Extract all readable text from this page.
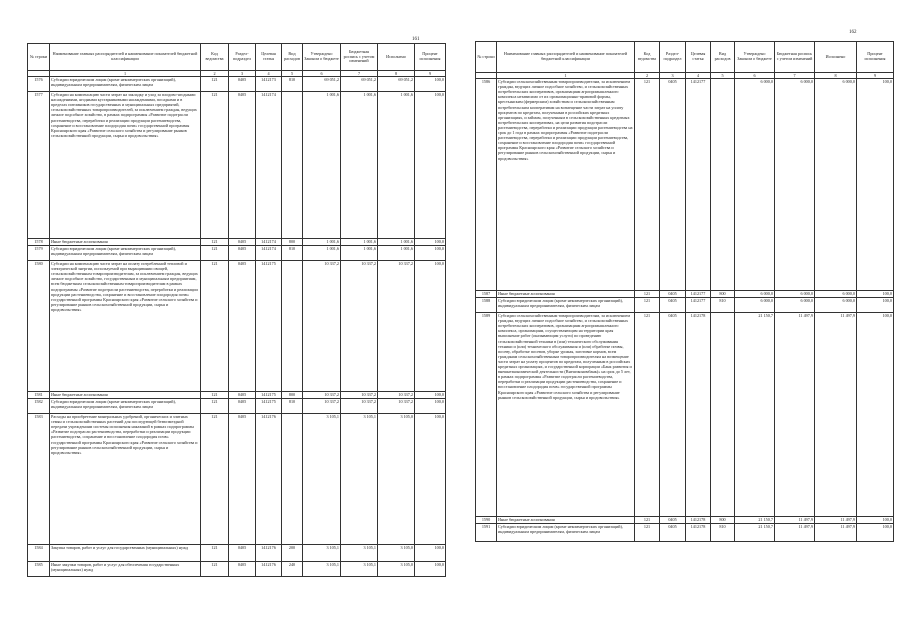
161
№ строки	Наименование главных распорядителей и наименование показателей бюджетной классификации	Код ведомства	Раздел-подраздел	Целевая статья	Вид расходов	Утверждено Законом о бюджете	Бюджетная роспись с учетом изменений	Исполнено	Процент исполнения
	1	2	3	4	5	6	7	8	9
1576	Субсидии юридическим лицам (кроме некоммерческих организаций), индивидуальным предпринимателям, физическим лицам	121	0405	1412173	810	69 051,2	69 051,2	69 051,2	100,0
1577	Субсидии на компенсацию части затрат на закладку и уход за плодово-ягодными насаждениями, ягодными кустарниковыми насаждениями, посадками и в пределах питомников государственных и муниципальных предприятий, сельскохозяйственных товаропроизводителей, за исключением граждан, ведущих личное подсобное хозяйство, в рамках подпрограммы «Развитие подотрасли растениеводства, переработки и реализации продукции растениеводства, сохранение и восстановление плодородия почв» государственной программы Красноярского края «Развитие сельского хозяйства и регулирование рынков сельскохозяйственной продукции, сырья и продовольствия»	121	0405	1412174		1 001,6	1 001,6	1 001,6	100,0
1578	Иные бюджетные ассигнования	121	0405	1412174	800	1 001,6	1 001,6	1 001,6	100,0
1579	Субсидии юридическим лицам (кроме некоммерческих организаций), индивидуальным предпринимателям, физическим лицам	121	0405	1412174	810	1 001,6	1 001,6	1 001,6	100,0
1580	Субсидии на компенсацию части затрат на оплату потребленной тепловой и электрической энергии, используемой при выращивании овощей, сельскохозяйственным товаропроизводителям, за исключением граждан, ведущих личное подсобное хозяйство, государственным и муниципальным предприятиям, всем бюджетным сельскохозяйственным товаропроизводителям в рамках подпрограммы «Развитие подотрасли растениеводства, переработки и реализации продукции растениеводства, сохранение и восстановление плодородия почв» государственной программы Красноярского края «Развитие сельского хозяйства и регулирование рынков сельскохозяйственной продукции, сырья и продовольствия»	121	0405	1412175		10 337,2	10 337,2	10 337,2	100,0
1581	Иные бюджетные ассигнования	121	0405	1412175	800	10 337,2	10 337,2	10 337,2	100,0
1582	Субсидии юридическим лицам (кроме некоммерческих организаций), индивидуальным предпринимателям, физическим лицам	121	0405	1412175	810	10 337,2	10 337,2	10 337,2	100,0
1583	Расходы на приобретение минеральных удобрений, органических и элитных семян и сельскохозяйственных растений для последующей безвозмездной передачи учреждениям системы исполнения наказаний в рамках подпрограммы «Развитие подотрасли растениеводства, переработки и реализации продукции растениеводства, сохранение и восстановление плодородия почв» государственной программы Красноярского края «Развитие сельского хозяйства и регулирование рынков сельскохозяйственной продукции, сырья и продовольствия»	121	0405	1412176		3 105,1	3 105,1	3 105,0	100,0
1584	Закупка товаров, работ и услуг для государственных (муниципальных) нужд	121	0405	1412176	200	3 105,1	3 105,1	3 105,0	100,0
1585	Иные закупки товаров, работ и услуг для обеспечения государственных (муниципальных) нужд	121	0405	1412176	240	3 105,1	3 105,1	3 105,0	100,0
162
№ строки	Наименование главных распорядителей и наименование показателей бюджетной классификации	Код ведомства	Раздел-подраздел	Целевая статья	Вид расходов	Утверждено Законом о бюджете	Бюджетная роспись с учетом изменений	Исполнено	Процент исполнения
	1	2	3	4	5	6	7	8	9
1586	Субсидии сельскохозяйственным товаропроизводителям, за исключением граждан, ведущих личное подсобное хозяйство, и сельскохозяйственных потребительских кооперативов, организациям агропромышленного комплекса независимо от их организационно-правовой формы, крестьянским (фермерским) хозяйствам и сельскохозяйственным потребительским кооперативам на возмещение части затрат на уплату процентов по кредитам, полученным в российских кредитных организациях, и займам, полученным в сельскохозяйственных кредитных потребительских кооперативах, на цели развития подотрасли растениеводства, переработки и реализации продукции растениеводства на срок до 1 года в рамках подпрограммы «Развитие подотрасли растениеводства, переработки и реализации продукции растениеводства, сохранение и восстановление плодородия почв» государственной программы Красноярского края «Развитие сельского хозяйства и регулирование рынков сельскохозяйственной продукции, сырья и продовольствия»	121	0405	1412177		6 000,0	6 000,0	6 000,0	100,0
1587	Иные бюджетные ассигнования	121	0405	1412177	800	6 000,0	6 000,0	6 000,0	100,0
1588	Субсидии юридическим лицам (кроме некоммерческих организаций), индивидуальным предпринимателям, физическим лицам	121	0405	1412177	810	6 000,0	6 000,0	6 000,0	100,0
1589	Субсидии сельскохозяйственным товаропроизводителям, за исключением граждан, ведущих личное подсобное хозяйство, и сельскохозяйственных потребительских кооперативов, организациям агропромышленного комплекса, организациям, осуществляющим на территории края выполнение работ (оказывающим услуги) по проведению сельскохозяйственной техники в (или) технического обслуживания техники и (или) технического обслуживания и (или) обработке почвы, посеву, обработке посевов, уборке урожая, заготовке кормов, всем гражданам сельскохозяйственным товаропроизводителям на возмещение части затрат на уплату процентов по кредитам, полученным в российских кредитных организациях, и государственной корпорации «Банк развития и внешнеэкономической деятельности (Внешэкономбанк)» на срок до 5 лет, в рамках подпрограммы «Развитие подотрасли растениеводства, переработки и реализации продукции растениеводства, сохранение и восстановление плодородия почв» государственной программы Красноярского края «Развитие сельского хозяйства и регулирование рынков сельскохозяйственной продукции, сырья и продовольствия»	121	0405	1412178		21 150,7	11 497,9	11 497,9	100,0
1590	Иные бюджетные ассигнования	121	0405	1412178	800	21 150,7	11 497,9	11 497,9	100,0
1591	Субсидии юридическим лицам (кроме некоммерческих организаций), индивидуальным предпринимателям, физическим лицам	121	0405	1412178	810	21 150,7	11 497,9	11 497,9	100,0
